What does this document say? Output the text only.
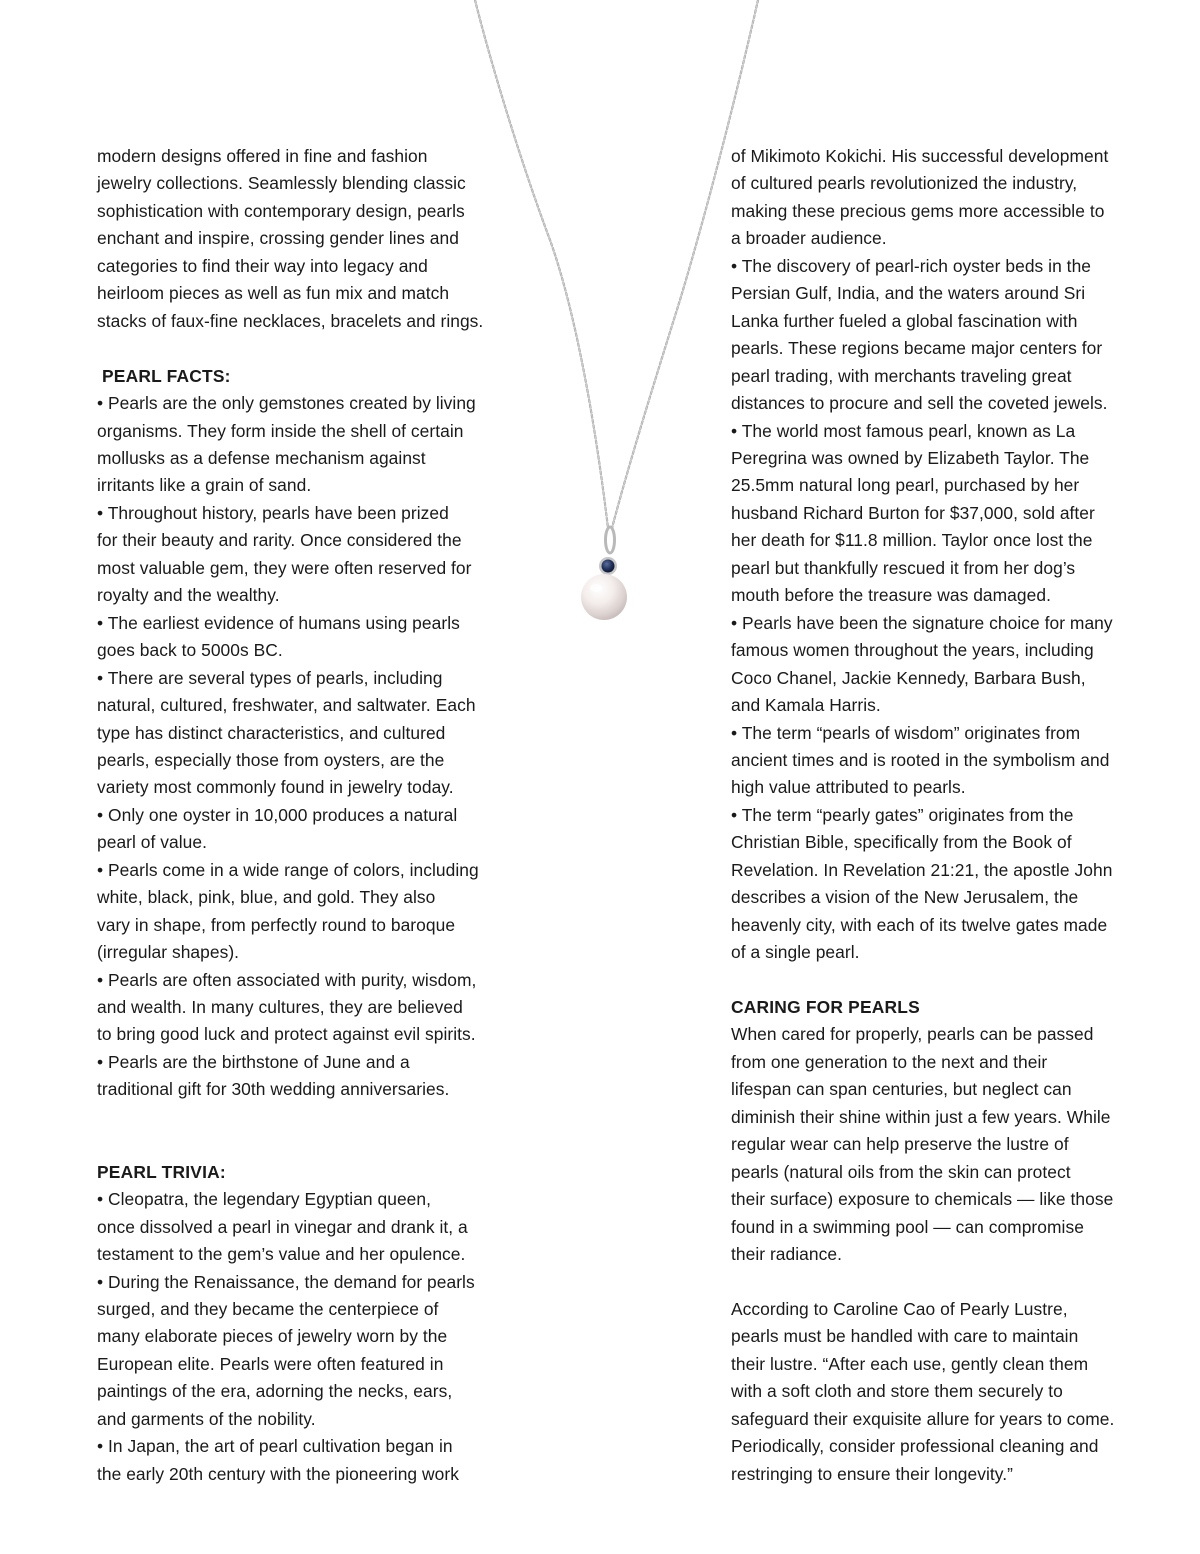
modern designs offered in fine and fashion
jewelry collections. Seamlessly blending classic
sophistication with contemporary design, pearls
enchant and inspire, crossing gender lines and
categories to find their way into legacy and
heirloom pieces as well as fun mix and match
stacks of faux-fine necklaces, bracelets and rings.
PEARL FACTS:
• Pearls are the only gemstones created by living
organisms. They form inside the shell of certain
mollusks as a defense mechanism against
irritants like a grain of sand.
• Throughout history, pearls have been prized
for their beauty and rarity. Once considered the
most valuable gem, they were often reserved for
royalty and the wealthy.
• The earliest evidence of humans using pearls
goes back to 5000s BC.
• There are several types of pearls, including
natural, cultured, freshwater, and saltwater. Each
type has distinct characteristics, and cultured
pearls, especially those from oysters, are the
variety most commonly found in jewelry today.
• Only one oyster in 10,000 produces a natural
pearl of value.
• Pearls come in a wide range of colors, including
white, black, pink, blue, and gold. They also
vary in shape, from perfectly round to baroque
(irregular shapes).
• Pearls are often associated with purity, wisdom,
and wealth. In many cultures, they are believed
to bring good luck and protect against evil spirits.
• Pearls are the birthstone of June and a
traditional gift for 30th wedding anniversaries.
PEARL TRIVIA:
• Cleopatra, the legendary Egyptian queen,
once dissolved a pearl in vinegar and drank it, a
testament to the gem’s value and her opulence.
• During the Renaissance, the demand for pearls
surged, and they became the centerpiece of
many elaborate pieces of jewelry worn by the
European elite. Pearls were often featured in
paintings of the era, adorning the necks, ears,
and garments of the nobility.
• In Japan, the art of pearl cultivation began in
the early 20th century with the pioneering work
of Mikimoto Kokichi. His successful development
of cultured pearls revolutionized the industry,
making these precious gems more accessible to
a broader audience.
• The discovery of pearl-rich oyster beds in the
Persian Gulf, India, and the waters around Sri
Lanka further fueled a global fascination with
pearls. These regions became major centers for
pearl trading, with merchants traveling great
distances to procure and sell the coveted jewels.
• The world most famous pearl, known as La
Peregrina was owned by Elizabeth Taylor. The
25.5mm natural long pearl, purchased by her
husband Richard Burton for $37,000, sold after
her death for $11.8 million. Taylor once lost the
pearl but thankfully rescued it from her dog’s
mouth before the treasure was damaged.
• Pearls have been the signature choice for many
famous women throughout the years, including
Coco Chanel, Jackie Kennedy, Barbara Bush,
and Kamala Harris.
• The term “pearls of wisdom” originates from
ancient times and is rooted in the symbolism and
high value attributed to pearls.
• The term “pearly gates” originates from the
Christian Bible, specifically from the Book of
Revelation. In Revelation 21:21, the apostle John
describes a vision of the New Jerusalem, the
heavenly city, with each of its twelve gates made
of a single pearl.
CARING FOR PEARLS
When cared for properly, pearls can be passed
from one generation to the next and their
lifespan can span centuries, but neglect can
diminish their shine within just a few years. While
regular wear can help preserve the lustre of
pearls (natural oils from the skin can protect
their surface) exposure to chemicals — like those
found in a swimming pool — can compromise
their radiance.
According to Caroline Cao of Pearly Lustre,
pearls must be handled with care to maintain
their lustre. “After each use, gently clean them
with a soft cloth and store them securely to
safeguard their exquisite allure for years to come.
Periodically, consider professional cleaning and
restringing to ensure their longevity.”
